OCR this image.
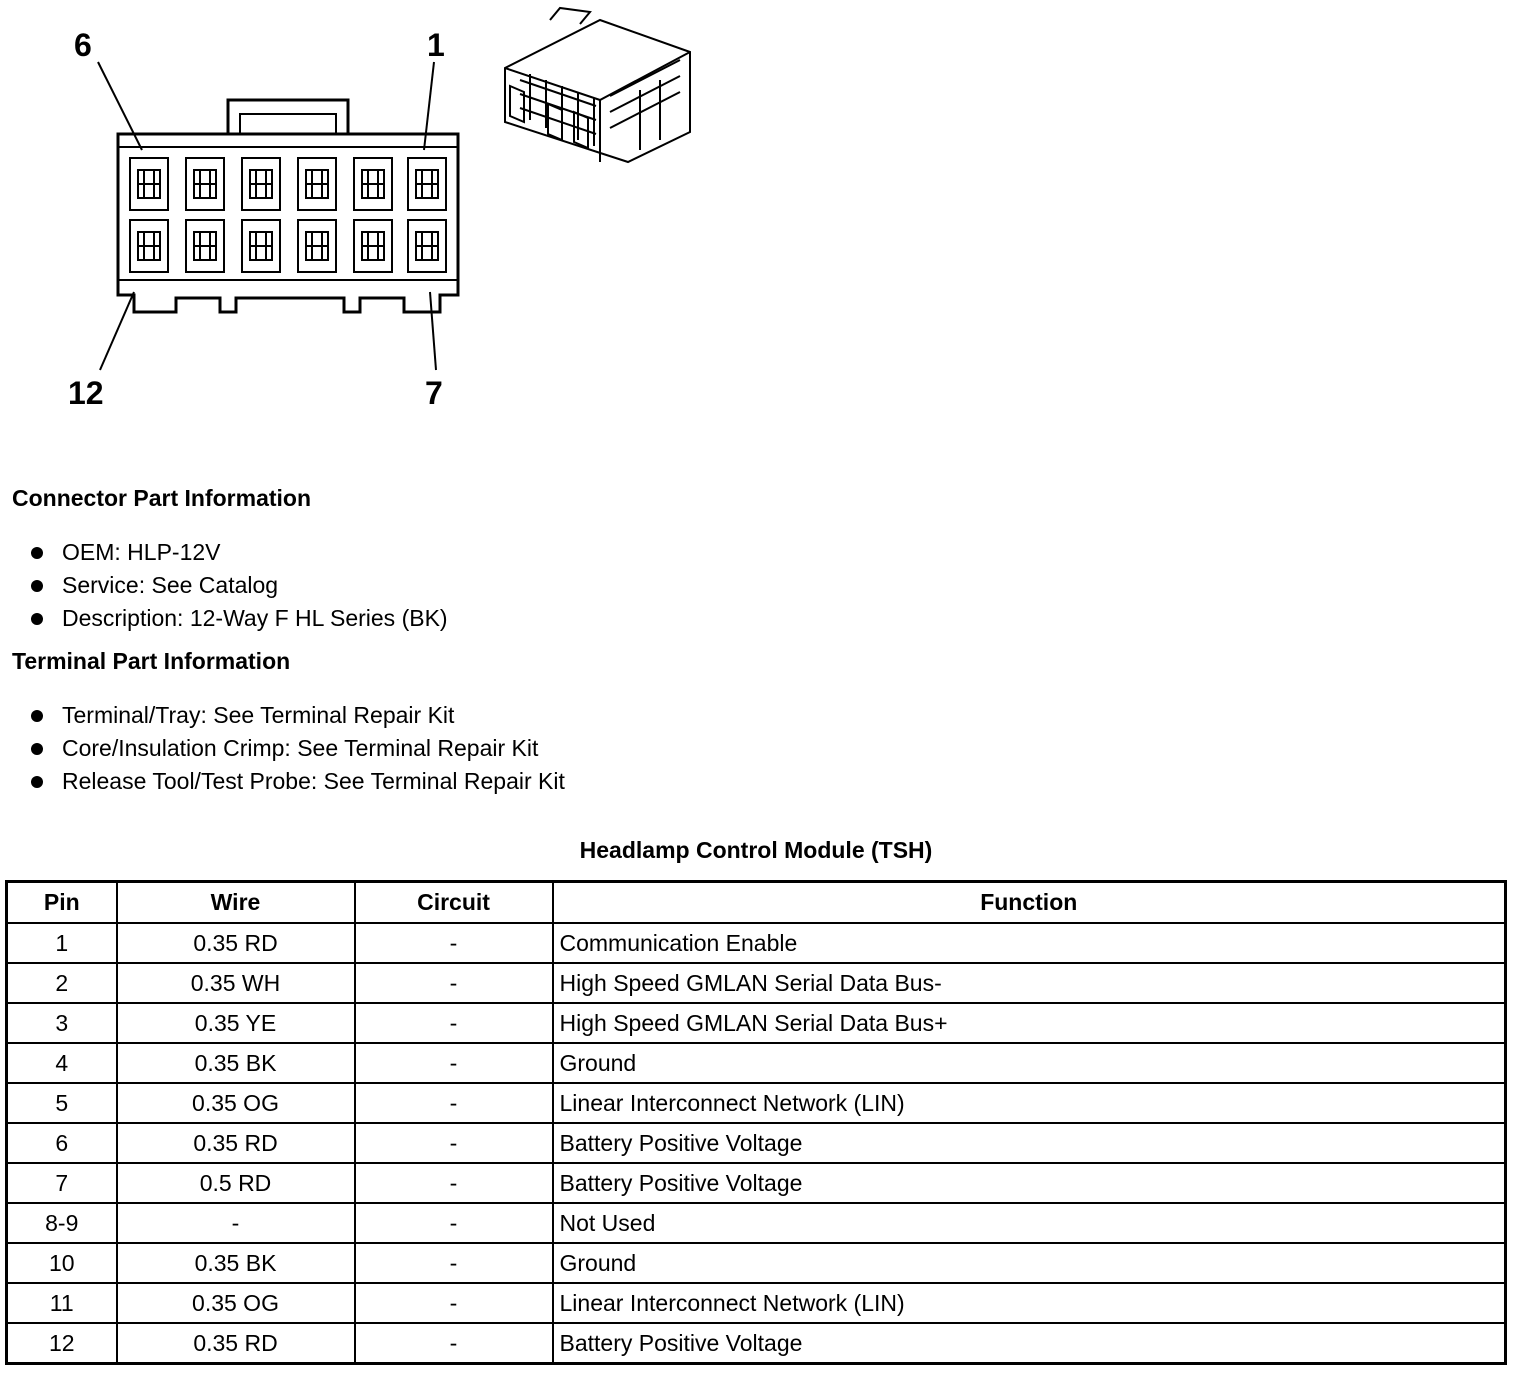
6	1
12	7
Connector Part Information
OEM: HLP-12V
Service: See Catalog
Description: 12-Way F HL Series (BK)
Terminal Part Information
Terminal/Tray: See Terminal Repair Kit
Core/Insulation Crimp: See Terminal Repair Kit
Release Tool/Test Probe: See Terminal Repair Kit
Headlamp Control Module (TSH)
Pin	Wire	Circuit	Function
1	0.35 RD	-	Communication Enable
2	0.35 WH	-	High Speed GMLAN Serial Data Bus-
3	0.35 YE	-	High Speed GMLAN Serial Data Bus+
4	0.35 BK	-	Ground
5	0.35 OG	-	Linear Interconnect Network (LIN)
6	0.35 RD	-	Battery Positive Voltage
7	0.5 RD	-	Battery Positive Voltage
8-9	-	-	Not Used
10	0.35 BK	-	Ground
11	0.35 OG	-	Linear Interconnect Network (LIN)
12	0.35 RD	-	Battery Positive Voltage
